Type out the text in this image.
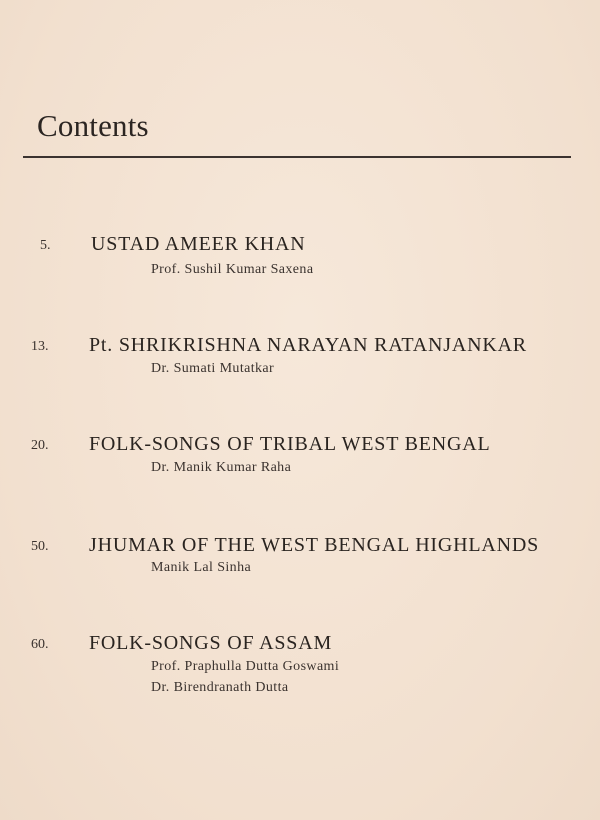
Contents
5. USTAD AMEER KHAN
Prof. Sushil Kumar Saxena
13. Pt. SHRIKRISHNA NARAYAN RATANJANKAR
Dr. Sumati Mutatkar
20. FOLK-SONGS OF TRIBAL WEST BENGAL
Dr. Manik Kumar Raha
50. JHUMAR OF THE WEST BENGAL HIGHLANDS
Manik Lal Sinha
60. FOLK-SONGS OF ASSAM
Prof. Praphulla Dutta Goswami
Dr. Birendranath Dutta
